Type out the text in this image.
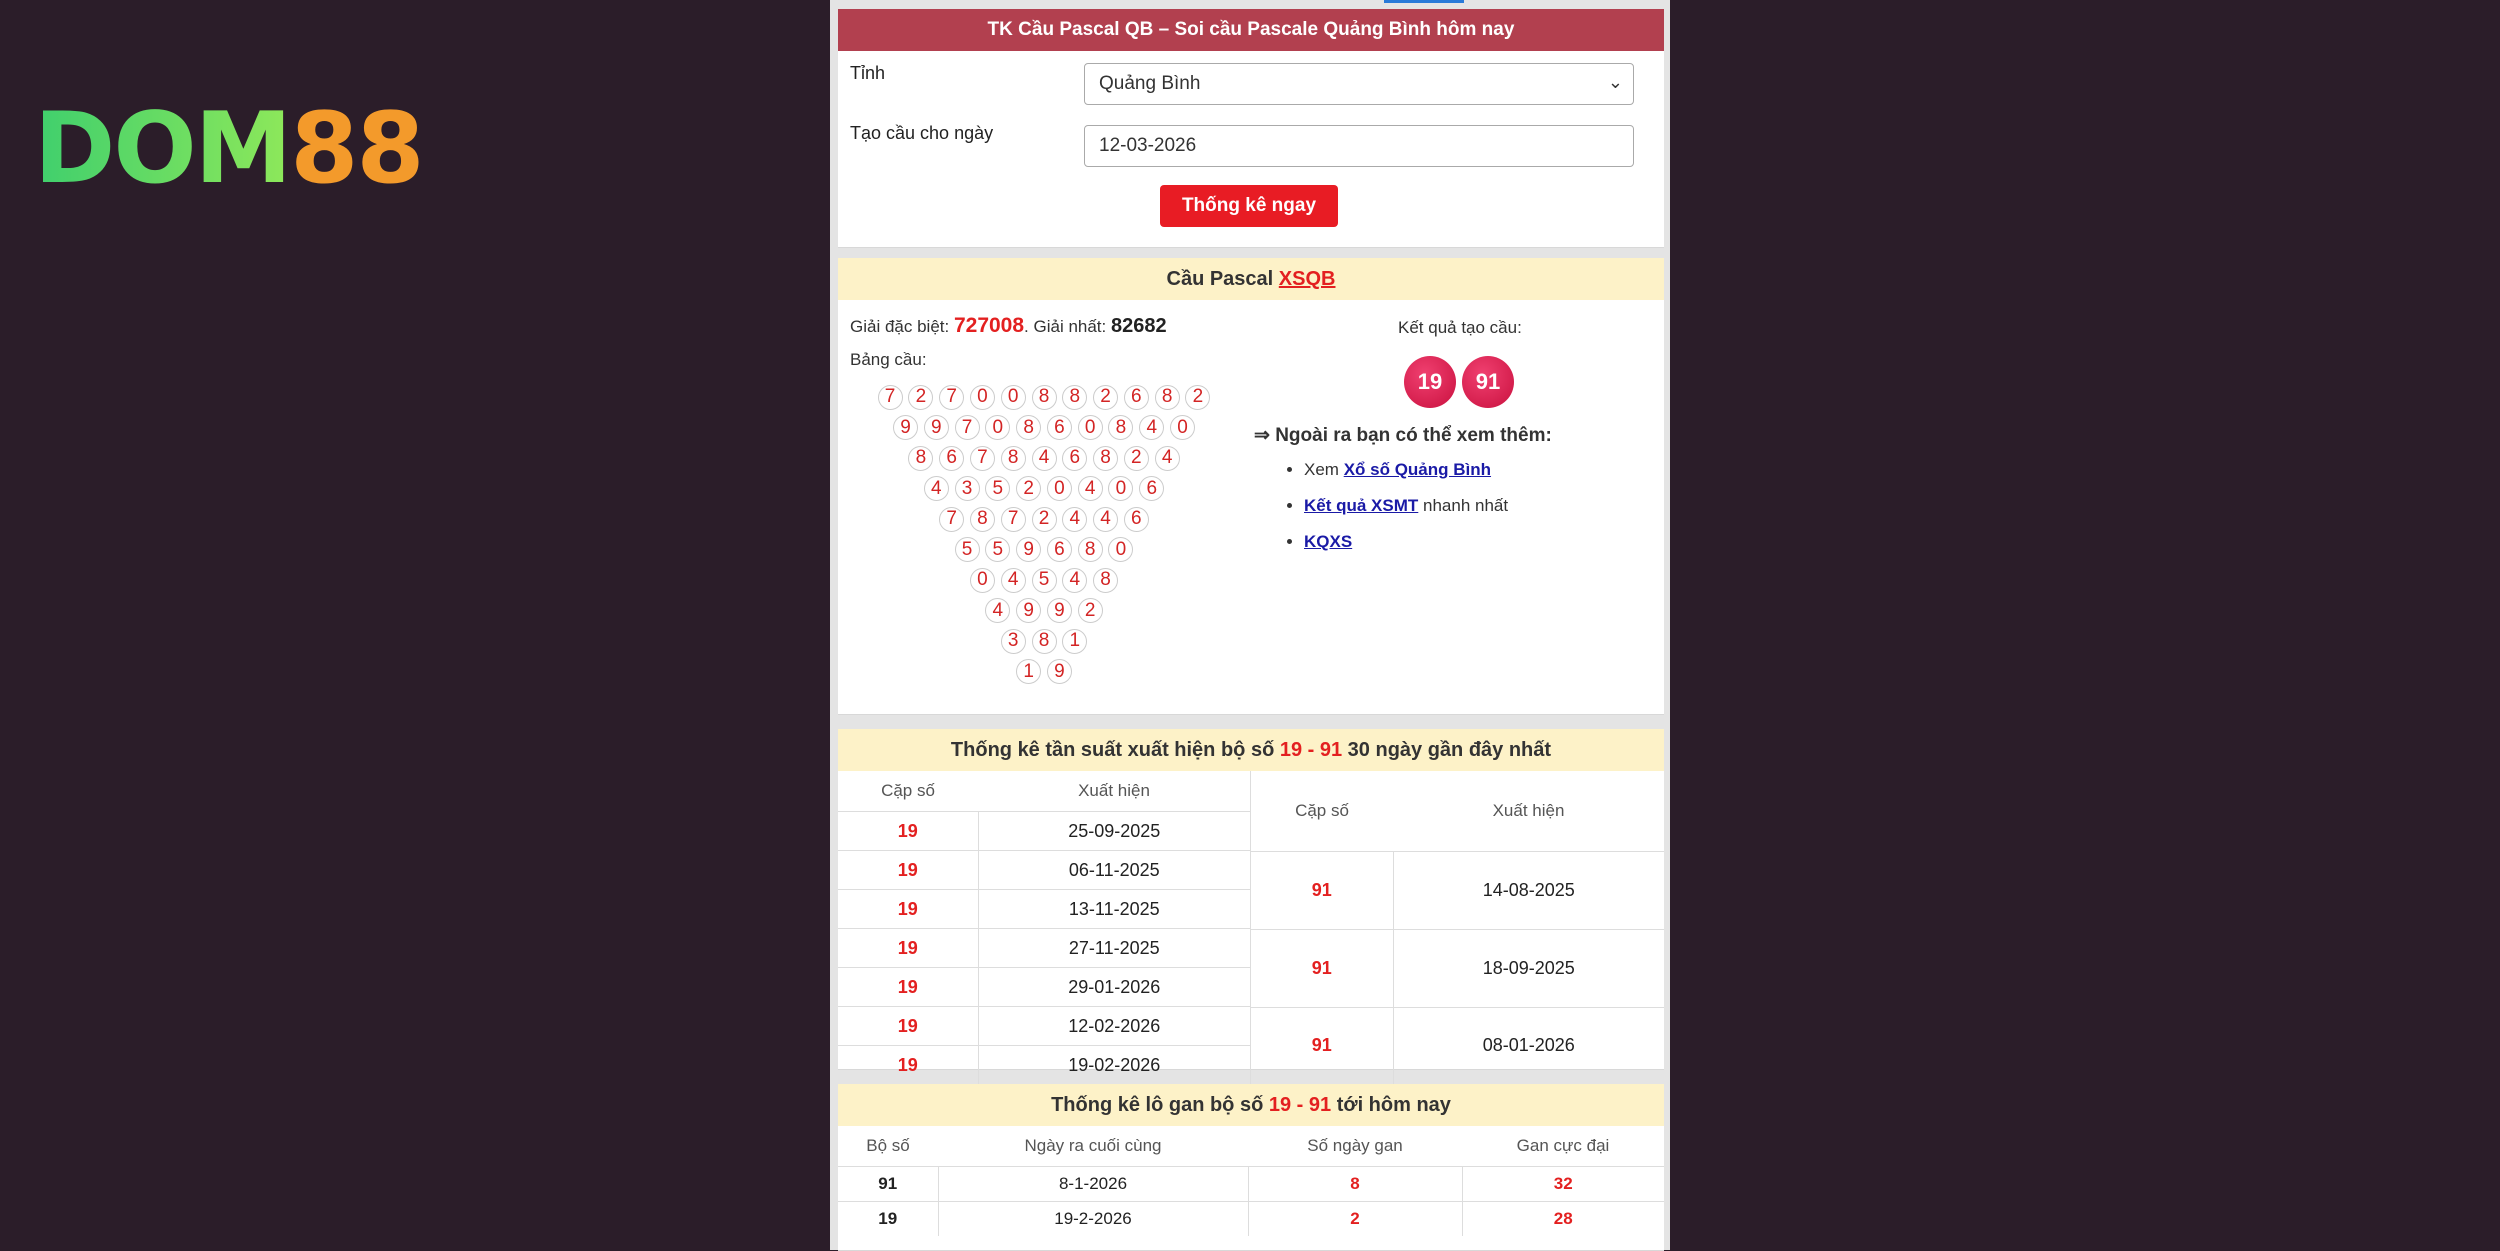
DOM88
TK Cầu Pascal QB – Soi cầu Pascale Quảng Bình hôm nay
Tỉnh	Quảng Bình	⌄
Tạo cầu cho ngày
12-03-2026
Thống kê ngay
Cầu Pascal
XSQB
Giải đặc biệt: 727008. Giải nhất: 82682
Bảng cầu:
7	2	7	0	0	8	8	2	6	8	2
9	9	7	0	8	6	0	8	4	0
8	6	7	8	4	6	8	2	4
4	3	5	2	0	4	0	6
7	8	7	2	4	4	6
5	5	9	6	8	0
0	4	5	4	8
4	9	9	2
3	8	1
1	9
Kết quả tạo cầu:
19	91
⇒ Ngoài ra bạn có thể xem thêm:
• Xem Xổ số Quảng Bình
• Kết quả XSMT nhanh nhất
• KQXS
Thống kê tần suất xuất hiện bộ số
19 - 91
30 ngày gần đây nhất
Cặp số	Xuất hiện
19	25-09-2025
19	06-11-2025
19	13-11-2025
19	27-11-2025
19	29-01-2026
19	12-02-2026
19	19-02-2026
Cặp số	Xuất hiện
91	14-08-2025
91	18-09-2025
91	08-01-2026
Thống kê lô gan bộ số
19 - 91
tới hôm nay
Bộ số	Ngày ra cuối cùng	Số ngày gan	Gan cực đại
91	8-1-2026	8	32
19	19-2-2026	2	28
